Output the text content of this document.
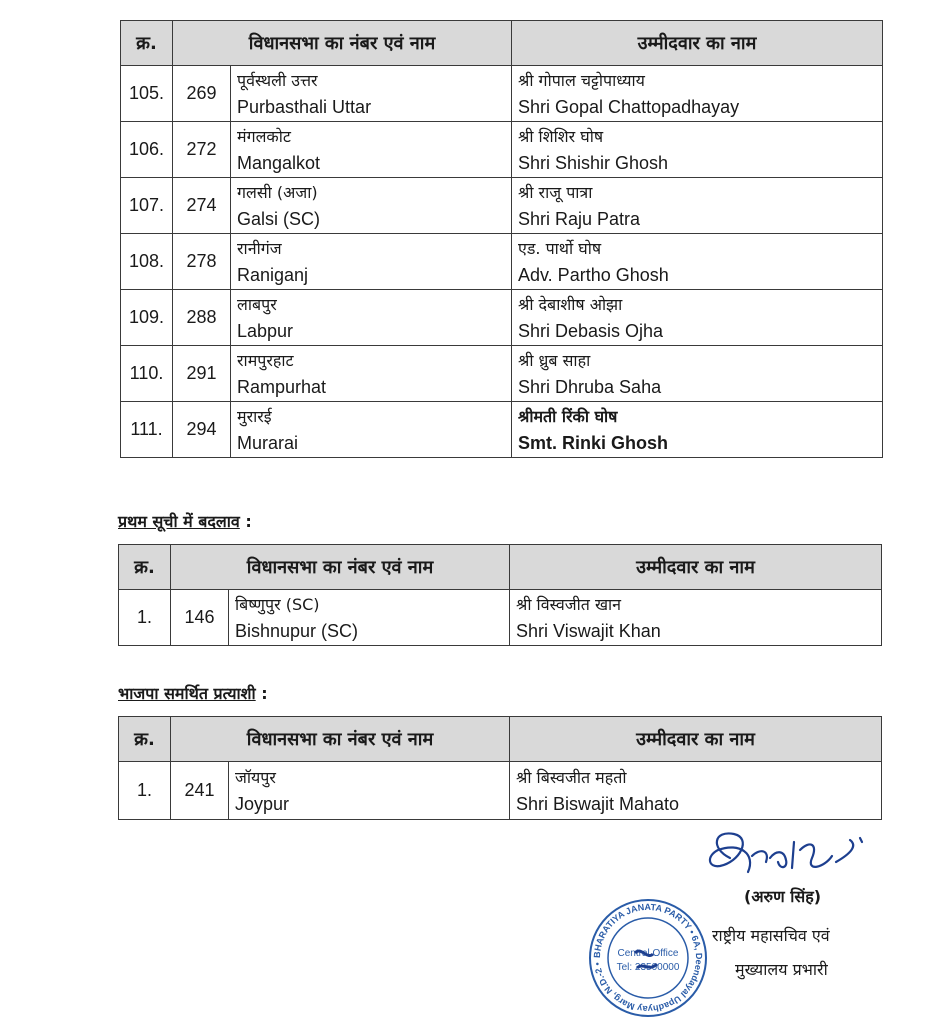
क्र.	विधानसभा का नंबर एवं नाम		उम्मीदवार का नाम
105.	269	पूर्वस्थली उत्तर
Purbasthali Uttar	श्री गोपाल चट्टोपाध्याय
Shri Gopal Chattopadhayay

106.	272	मंगलकोट
Mangalkot	श्री शिशिर घोष
Shri Shishir Ghosh

107.	274	गलसी (अजा)
Galsi (SC)	श्री राजू पात्रा
Shri Raju Patra

108.	278	रानीगंज
Raniganj	एड. पार्थो घोष
Adv. Partho Ghosh

109.	288	लाबपुर
Labpur	श्री देबाशीष ओझा
Shri Debasis Ojha

110.	291	रामपुरहाट
Rampurhat	श्री ध्रुब साहा
Shri Dhruba Saha

111.	294	मुरारई
Murarai	श्रीमती रिंकी घोष
Smt. Rinki Ghosh
प्रथम सूची में बदलाव :
क्र.	विधानसभा का नंबर एवं नाम		उम्मीदवार का नाम
1.	146	बिष्णुपुर (SC)
Bishnupur (SC)	श्री विस्वजीत खान
Shri Viswajit Khan
भाजपा समर्थित प्रत्याशी :
क्र.	विधानसभा का नंबर एवं नाम		उम्मीदवार का नाम
1.	241	जॉयपुर
Joypur	श्री बिस्वजीत महतो
Shri Biswajit Mahato
(अरुण सिंह)
राष्ट्रीय महासचिव एवं
मुख्यालय प्रभारी
BHARATIYA JANATA PARTY • 6A, Deendayal Upadhyay Marg, N.D.-2 •
Central Office
Tel: 23500000
